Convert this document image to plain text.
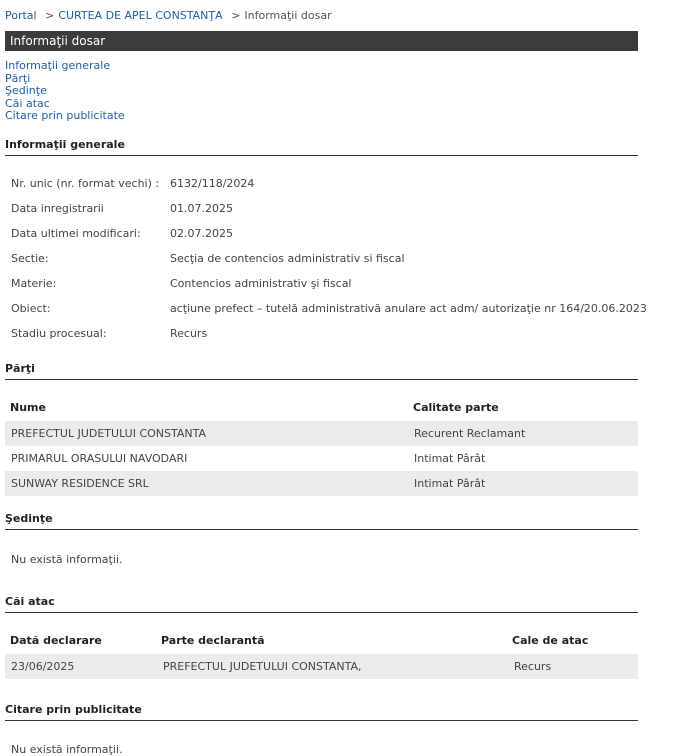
Portal > CURTEA DE APEL CONSTANŢA > Informaţii dosar
Informaţii dosar
Informaţii generale
Părţi
Şedinţe
Căi atac
Citare prin publicitate
Informaţii generale
Nr. unic (nr. format vechi) : 6132/118/2024
Data inregistrarii	01.07.2025
Data ultimei modificari:	02.07.2025
Sectie:	Secţia de contencios administrativ si fiscal
Materie:	Contencios administrativ şi fiscal
Obiect:	acţiune prefect – tutelă administrativă anulare act adm/ autorizaţie nr 164/20.06.2023
Stadiu procesual:	Recurs
Părţi
Nume	Calitate parte
PREFECTUL JUDETULUI CONSTANTA	Recurent Reclamant
PRIMARUL ORASULUI NAVODARI	Intimat Pârât
SUNWAY RESIDENCE SRL	Intimat Pârât
Şedinţe
Nu există informaţii.
Căi atac
Dată declarare	Parte declarantă	Cale de atac
23/06/2025	PREFECTUL JUDETULUI CONSTANTA,	Recurs
Citare prin publicitate
Nu există informaţii.
